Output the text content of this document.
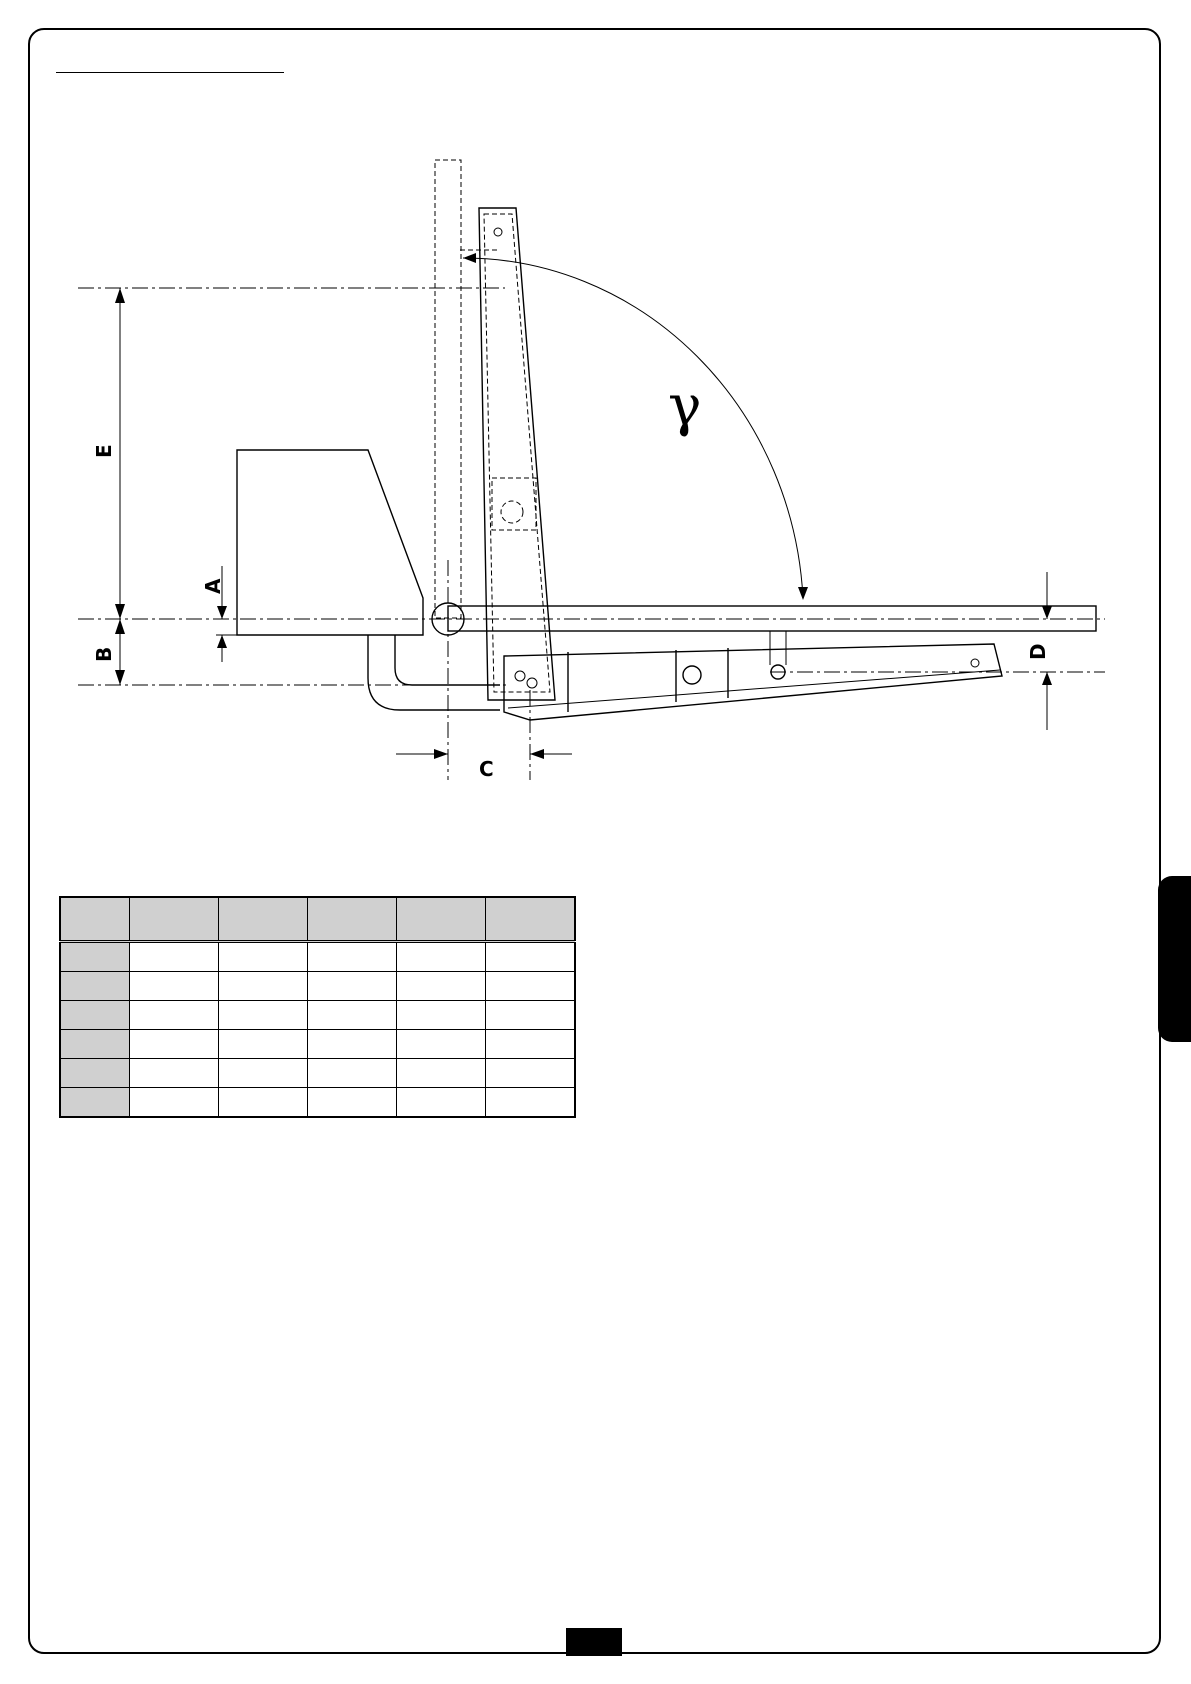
γ
E
B
A
C
D
